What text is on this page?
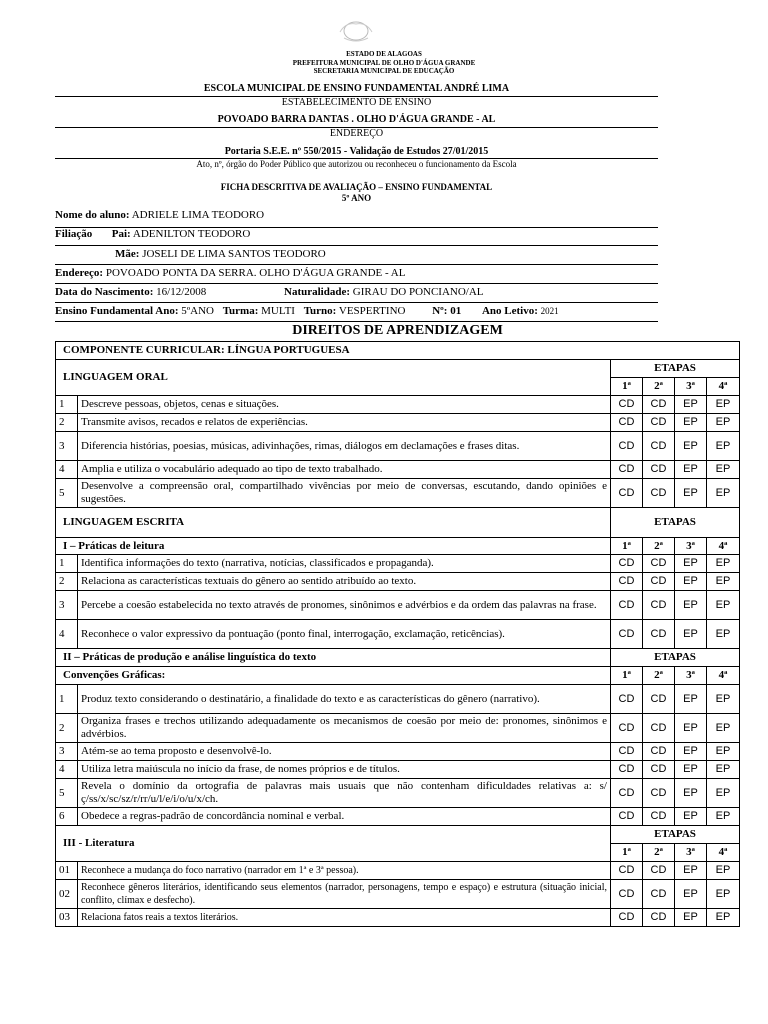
ESTADO DE ALAGOAS
PREFEITURA MUNICIPAL DE OLHO D'ÁGUA GRANDE
SECRETARIA MUNICIPAL DE EDUCAÇÃO
ESCOLA MUNICIPAL DE ENSINO FUNDAMENTAL ANDRÉ LIMA
ESTABELECIMENTO DE ENSINO
POVOADO BARRA DANTAS . OLHO D'ÁGUA GRANDE - AL
ENDEREÇO
Portaria S.E.E. nº 550/2015 - Validação de Estudos 27/01/2015
Ato, nº, órgão do Poder Público que autorizou ou reconheceu o funcionamento da Escola
FICHA DESCRITIVA DE AVALIAÇÃO – ENSINO FUNDAMENTAL
5º ANO
Nome do aluno: ADRIELE LIMA TEODORO
Filiação Pai: ADENILTON TEODORO
Mãe: JOSELI DE LIMA SANTOS TEODORO
Endereço: POVOADO PONTA DA SERRA. OLHO D'ÁGUA GRANDE - AL
Data do Nascimento: 16/12/2008	Naturalidade: GIRAU DO PONCIANO/AL
Ensino Fundamental Ano: 5ºANO Turma: MULTI Turno: VESPERTINO Nº: 01 Ano Letivo: 2021
DIREITOS DE APRENDIZAGEM
COMPONENTE CURRICULAR: LÍNGUA PORTUGUESA					
LINGUAGEM ORAL		ETAPAS			
		1ª	2ª	3ª	4ª
1	Descreve pessoas, objetos, cenas e situações.	CD	CD	EP	EP
2	Transmite avisos, recados e relatos de experiências.	CD	CD	EP	EP
3	Diferencia histórias, poesias, músicas, adivinhações, rimas, diálogos em declamações e frases ditas.	CD	CD	EP	EP
4	Amplia e utiliza o vocabulário adequado ao tipo de texto trabalhado.	CD	CD	EP	EP
5	Desenvolve a compreensão oral, compartilhado vivências por meio de conversas, escutando, dando opiniões e sugestões.	CD	CD	EP	EP
LINGUAGEM ESCRITA		ETAPAS			
I – Práticas de leitura		1ª	2ª	3ª	4ª
1	Identifica informações do texto (narrativa, notícias, classificados e propaganda).	CD	CD	EP	EP
2	Relaciona as características textuais do gênero ao sentido atribuído ao texto.	CD	CD	EP	EP
3	Percebe a coesão estabelecida no texto através de pronomes, sinônimos e advérbios e da ordem das palavras na frase.	CD	CD	EP	EP
4	Reconhece o valor expressivo da pontuação (ponto final, interrogação, exclamação, reticências).	CD	CD	EP	EP
II – Práticas de produção e análise linguística do texto		ETAPAS			
Convenções Gráficas:		1ª	2ª	3ª	4ª
1	Produz texto considerando o destinatário, a finalidade do texto e as características do gênero (narrativo).	CD	CD	EP	EP
2	Organiza frases e trechos utilizando adequadamente os mecanismos de coesão por meio de: pronomes, sinônimos e advérbios.	CD	CD	EP	EP
3	Atém-se ao tema proposto e desenvolvê-lo.	CD	CD	EP	EP
4	Utiliza letra maiúscula no início da frase, de nomes próprios e de títulos.	CD	CD	EP	EP
5	Revela o domínio da ortografia de palavras mais usuais que não contenham dificuldades relativas a: s/ç/ss/x/sc/sz/r/rr/u/l/e/i/o/u/x/ch.	CD	CD	EP	EP
6	Obedece a regras-padrão de concordância nominal e verbal.	CD	CD	EP	EP
III - Literatura		ETAPAS			
		1ª	2ª	3ª	4ª
01	Reconhece a mudança do foco narrativo (narrador em 1ª e 3ª pessoa).	CD	CD	EP	EP
02	Reconhece gêneros literários, identificando seus elementos (narrador, personagens, tempo e espaço) e estrutura (situação inicial, conflito, clímax e desfecho).	CD	CD	EP	EP
03	Relaciona fatos reais a textos literários.	CD	CD	EP	EP
